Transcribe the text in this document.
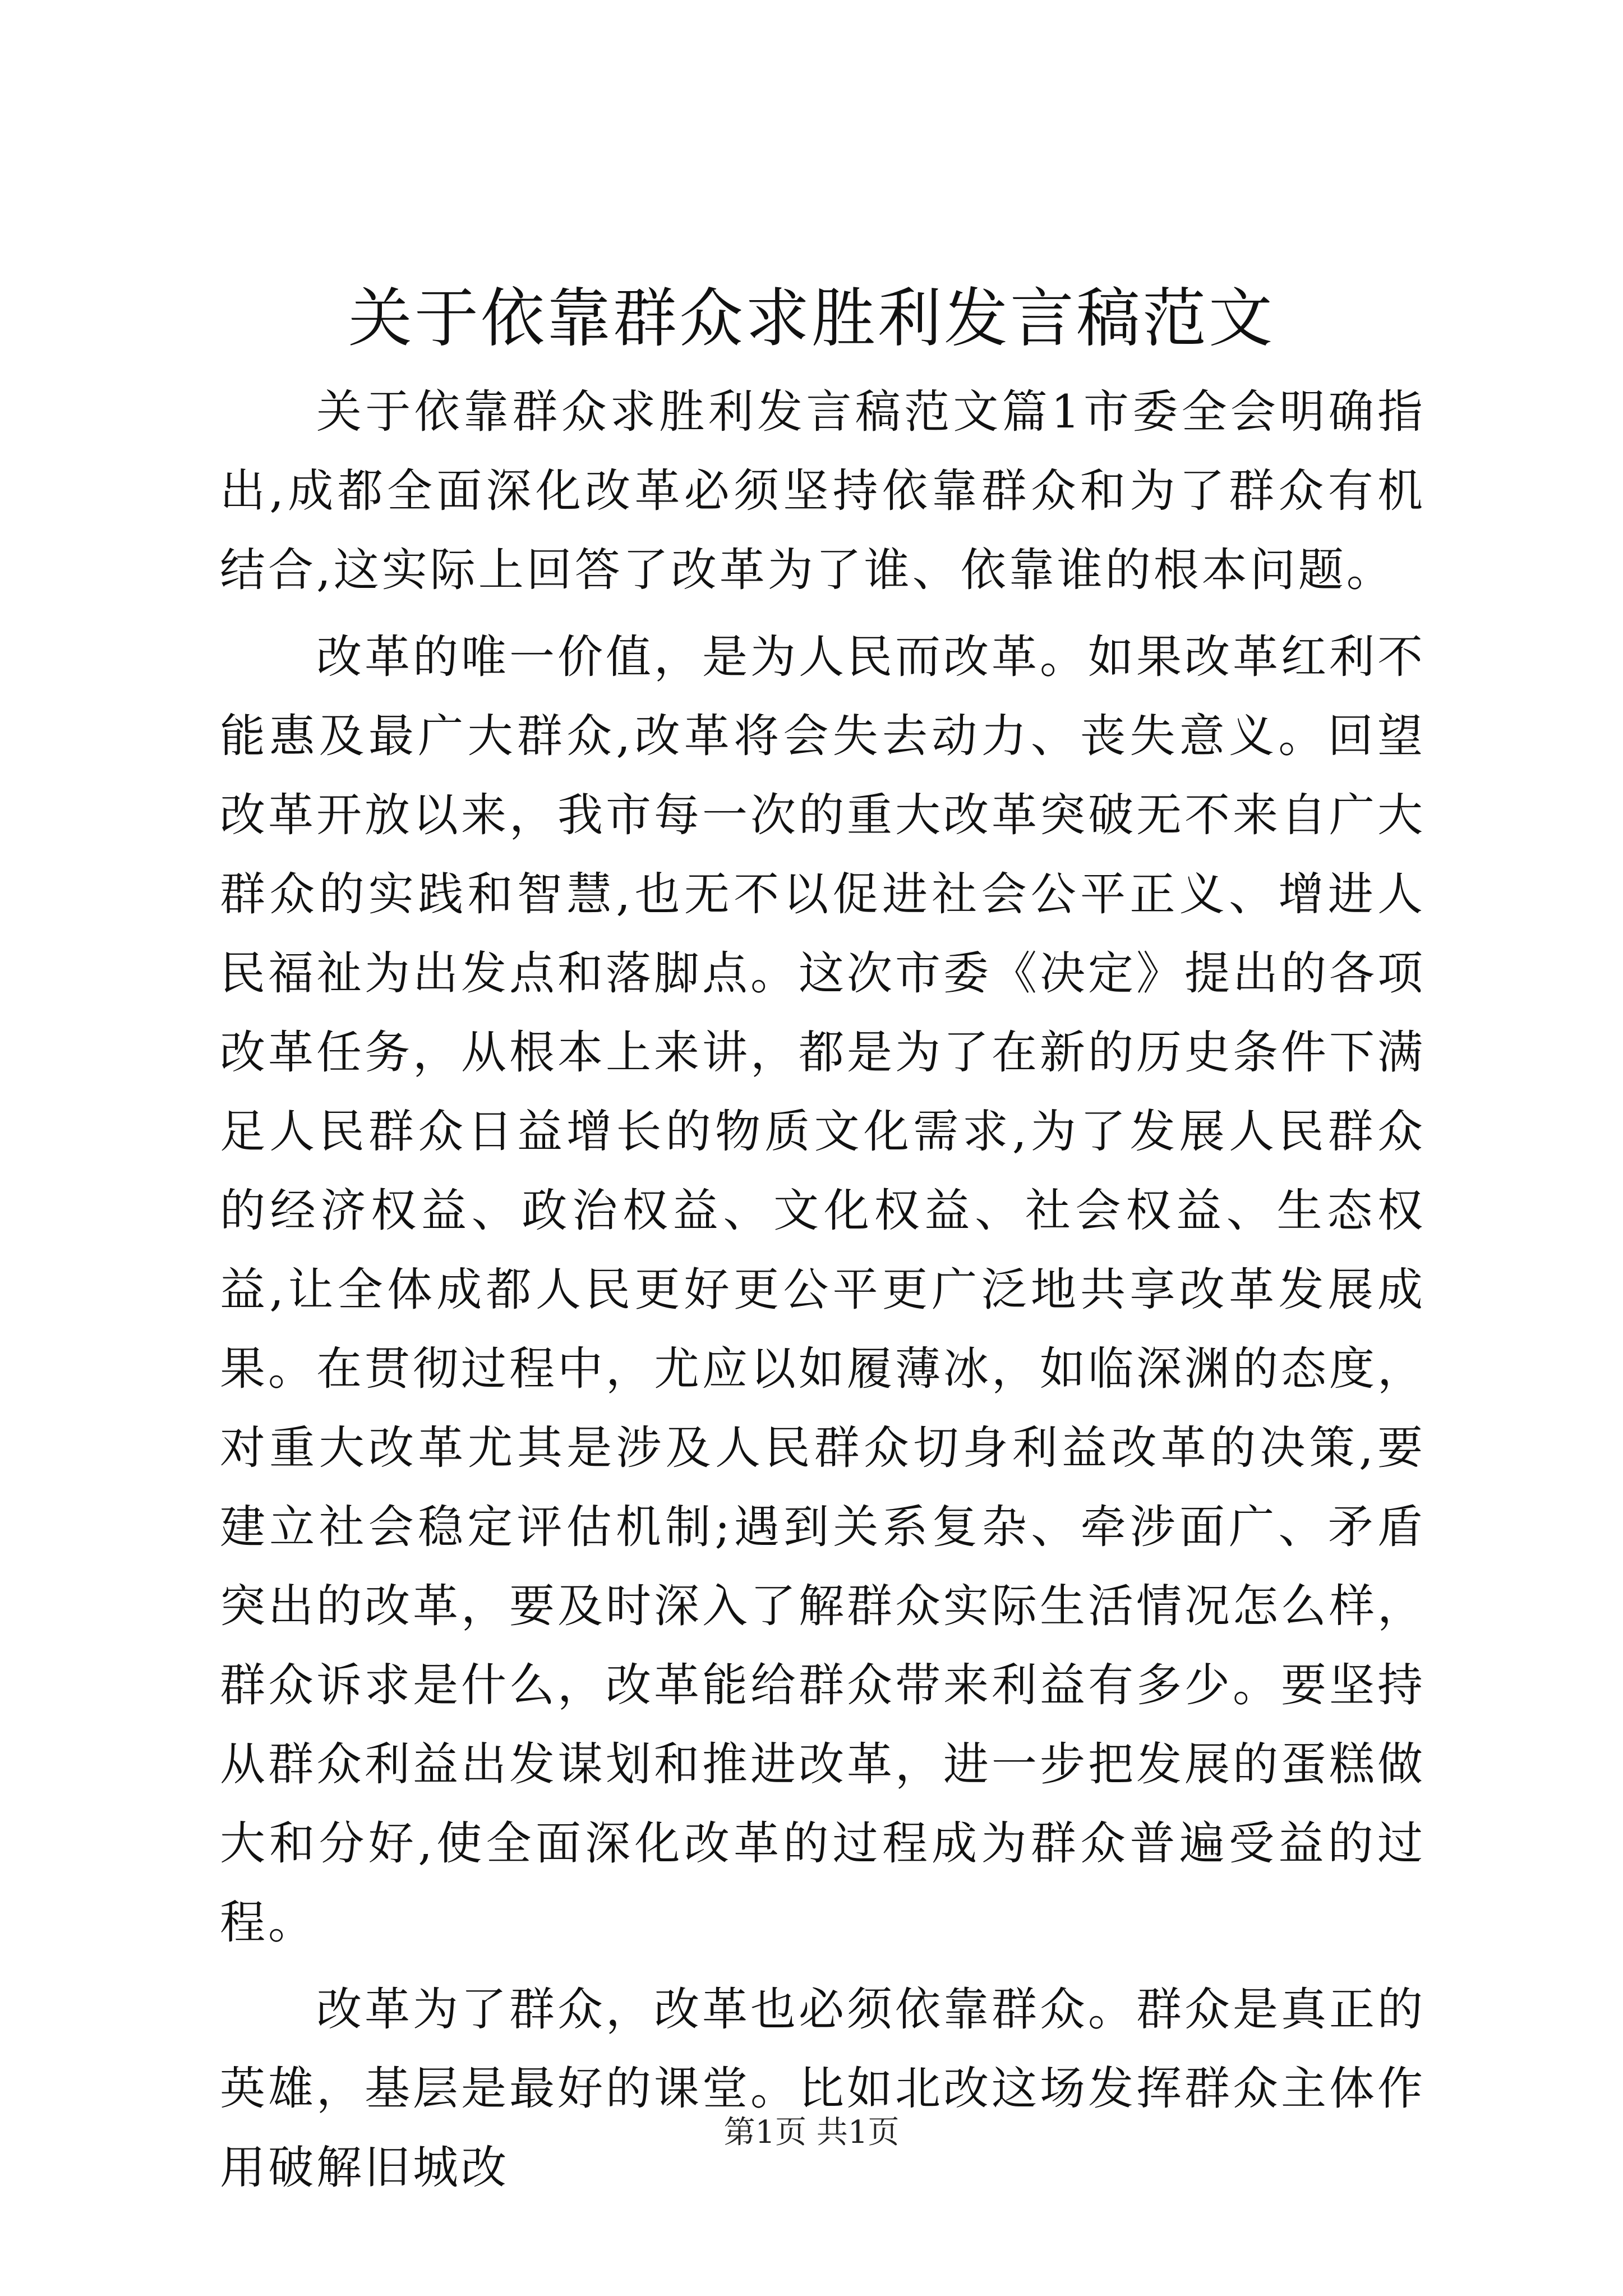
关于依靠群众求胜利发言稿范文

关于依靠群众求胜利发言稿范文篇1市委全会明确指出,成都全面深化改革必须坚持依靠群众和为了群众有机结合,这实际上回答了改革为了谁、依靠谁的根本问题。

改革的唯一价值，是为人民而改革。如果改革红利不能惠及最广大群众,改革将会失去动力、丧失意义。回望改革开放以来，我市每一次的重大改革突破无不来自广大群众的实践和智慧,也无不以促进社会公平正义、增进人民福祉为出发点和落脚点。这次市委《决定》提出的各项改革任务，从根本上来讲，都是为了在新的历史条件下满足人民群众日益增长的物质文化需求,为了发展人民群众的经济权益、政治权益、文化权益、社会权益、生态权益,让全体成都人民更好更公平更广泛地共享改革发展成果。在贯彻过程中，尤应以如履薄冰，如临深渊的态度，对重大改革尤其是涉及人民群众切身利益改革的决策,要建立社会稳定评估机制;遇到关系复杂、牵涉面广、矛盾突出的改革，要及时深入了解群众实际生活情况怎么样，群众诉求是什么，改革能给群众带来利益有多少。要坚持从群众利益出发谋划和推进改革，进一步把发展的蛋糕做大和分好,使全面深化改革的过程成为群众普遍受益的过程。

改革为了群众，改革也必须依靠群众。群众是真正的英雄，基层是最好的课堂。比如北改这场发挥群众主体作用破解旧城改

第1页 共1页
